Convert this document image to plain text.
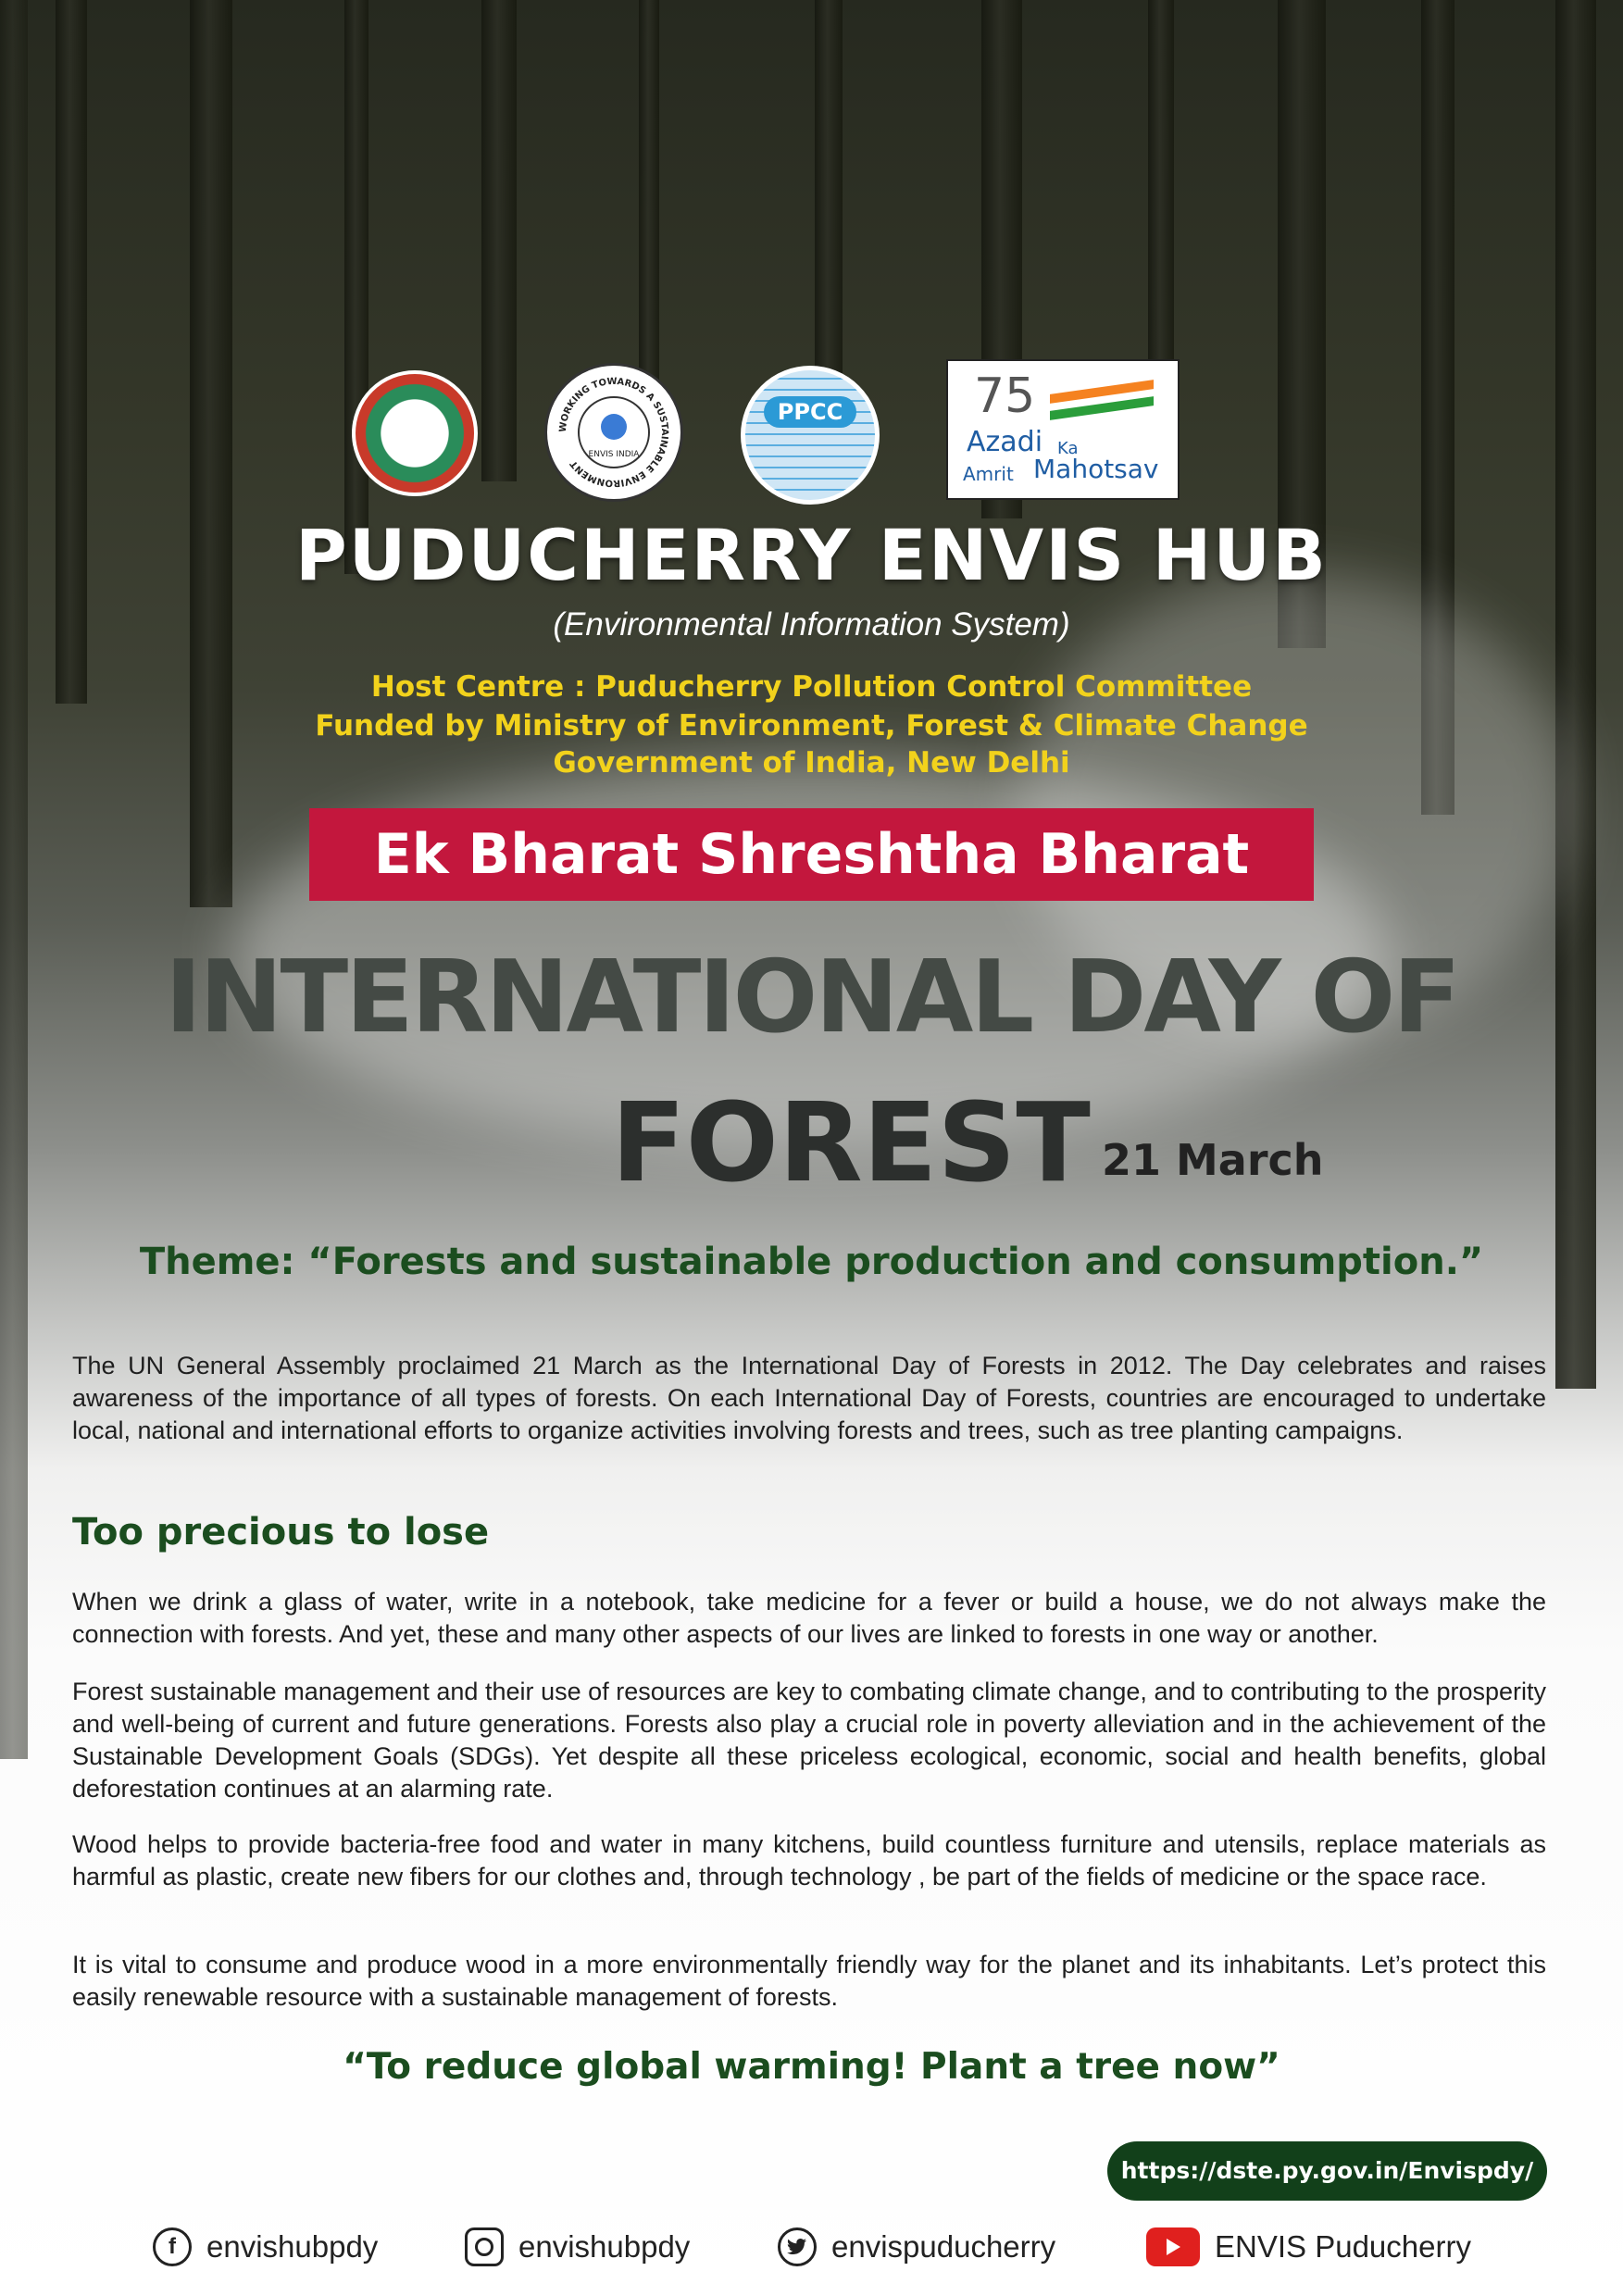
WORKING TOWARDS A SUSTAINABLE ENVIRONMENT
ENVIS INDIA
PPCC	75
Azadi Ka
Amrit Mahotsav
PUDUCHERRY ENVIS HUB
(Environmental Information System)
Host Centre : Puducherry Pollution Control Committee
Funded by Ministry of Environment, Forest & Climate Change
Government of India, New Delhi
Ek Bharat Shreshtha Bharat
INTERNATIONAL DAY OF
FOREST 21 March
Theme: “Forests and sustainable production and consumption.”

The UN General Assembly proclaimed 21 March as the International Day of Forests in 2012. The Day celebrates and raises awareness of the importance of all types of forests. On each International Day of Forests, countries are encouraged to undertake local, national and international efforts to organize activities involving forests and trees, such as tree planting campaigns.

Too precious to lose

When we drink a glass of water, write in a notebook, take medicine for a fever or build a house, we do not always make the connection with forests. And yet, these and many other aspects of our lives are linked to forests in one way or another.

Forest sustainable management and their use of resources are key to combating climate change, and to contributing to the prosperity and well-being of current and future generations. Forests also play a crucial role in poverty alleviation and in the achievement of the Sustainable Development Goals (SDGs). Yet despite all these priceless ecological, economic, social and health benefits, global deforestation continues at an alarming rate.

Wood helps to provide bacteria-free food and water in many kitchens, build countless furniture and utensils, replace materials as harmful as plastic, create new fibers for our clothes and, through technology , be part of the fields of medicine or the space race.

It is vital to consume and produce wood in a more environmentally friendly way for the planet and its inhabitants. Let’s protect this easily renewable resource with a sustainable management of forests.

“To reduce global warming! Plant a tree now”
https://dste.py.gov.in/Envispdy/
f	envishubpdy	envishubpdy	envispuducherry	ENVIS Puducherry
